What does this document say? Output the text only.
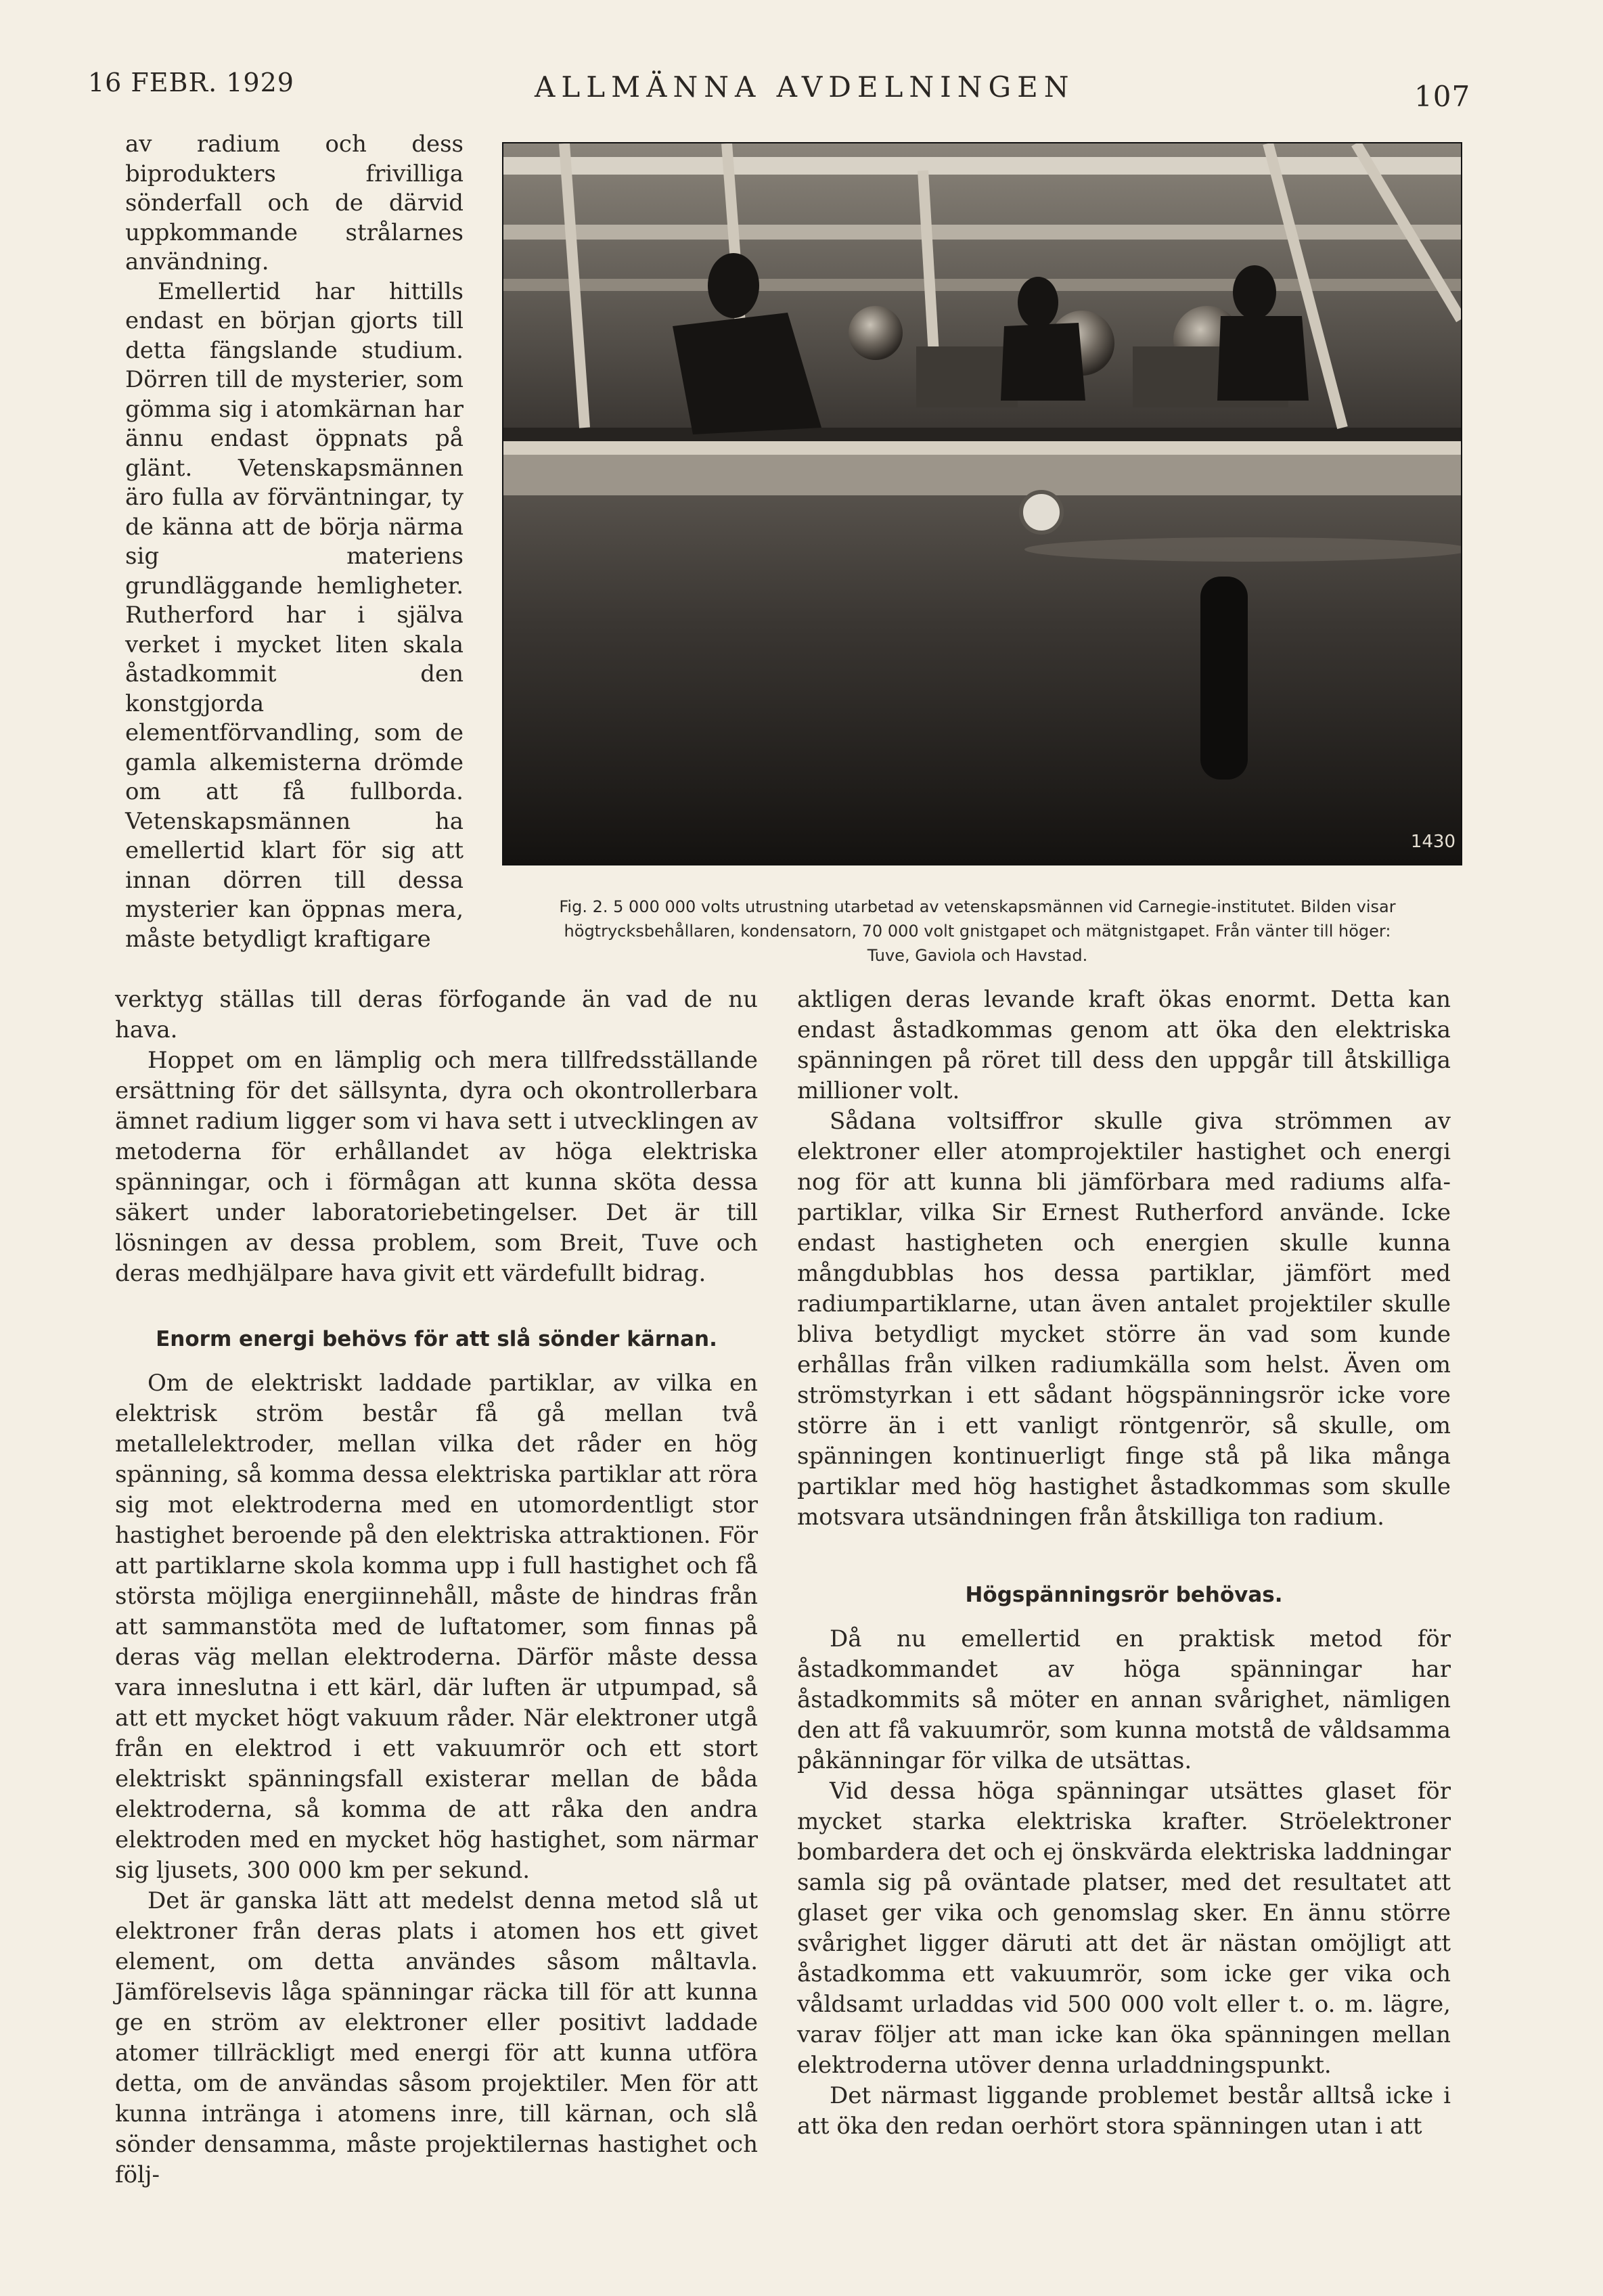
16 FEBR. 1929	ALLMÄNNA AVDELNINGEN	107

av radium och dess biprodukters frivilliga sönderfall och de därvid uppkommande strålarnes användning.

Emellertid har hittills endast en början gjorts till detta fängslande studium. Dörren till de mysterier, som gömma sig i atomkärnan har ännu endast öppnats på glänt. Vetenskapsmännen äro fulla av förväntningar, ty de känna att de börja närma sig materiens grundläggande hemligheter. Rutherford har i själva verket i mycket liten skala åstadkommit den konstgjorda elementförvandling, som de gamla alkemisterna drömde om att få fullborda. Vetenskapsmännen ha emellertid klart för sig att innan dörren till dessa mysterier kan öppnas mera, måste betydligt kraftigare

1430
Fig. 2. 5 000 000 volts utrustning utarbetad av vetenskapsmännen vid Carnegie-institutet. Bilden visar
högtrycksbehållaren, kondensatorn, 70 000 volt gnistgapet och mätgnistgapet. Från vänter till höger:
Tuve, Gaviola och Havstad.

verktyg ställas till deras förfogande än vad de nu hava.

Hoppet om en lämplig och mera tillfredsställande ersättning för det sällsynta, dyra och okontrollerbara ämnet radium ligger som vi hava sett i utvecklingen av metoderna för erhållandet av höga elektriska spänningar, och i förmågan att kunna sköta dessa säkert under laboratoriebetingelser. Det är till lösningen av dessa problem, som Breit, Tuve och deras medhjälpare hava givit ett värdefullt bidrag.

Enorm energi behövs för att slå sönder kärnan.

Om de elektriskt laddade partiklar, av vilka en elektrisk ström består få gå mellan två metallelektroder, mellan vilka det råder en hög spänning, så komma dessa elektriska partiklar att röra sig mot elektroderna med en utomordentligt stor hastighet beroende på den elektriska attraktionen. För att partiklarne skola komma upp i full hastighet och få största möjliga energiinnehåll, måste de hindras från att sammanstöta med de luftatomer, som finnas på deras väg mellan elektroderna. Därför måste dessa vara inneslutna i ett kärl, där luften är utpumpad, så att ett mycket högt vakuum råder. När elektroner utgå från en elektrod i ett vakuumrör och ett stort elektriskt spänningsfall existerar mellan de båda elektroderna, så komma de att råka den andra elektroden med en mycket hög hastighet, som närmar sig ljusets, 300 000 km per sekund.

Det är ganska lätt att medelst denna metod slå ut elektroner från deras plats i atomen hos ett givet element, om detta användes såsom måltavla. Jämförelsevis låga spänningar räcka till för att kunna ge en ström av elektroner eller positivt laddade atomer tillräckligt med energi för att kunna utföra detta, om de användas såsom projektiler. Men för att kunna intränga i atomens inre, till kärnan, och slå sönder densamma, måste projektilernas hastighet och följ-

aktligen deras levande kraft ökas enormt. Detta kan endast åstadkommas genom att öka den elektriska spänningen på röret till dess den uppgår till åtskilliga millioner volt.

Sådana voltsiffror skulle giva strömmen av elektroner eller atomprojektiler hastighet och energi nog för att kunna bli jämförbara med radiums alfa-partiklar, vilka Sir Ernest Rutherford använde. Icke endast hastigheten och energien skulle kunna mångdubblas hos dessa partiklar, jämfört med radiumpartiklarne, utan även antalet projektiler skulle bliva betydligt mycket större än vad som kunde erhållas från vilken radiumkälla som helst. Även om strömstyrkan i ett sådant högspänningsrör icke vore större än i ett vanligt röntgenrör, så skulle, om spänningen kontinuerligt finge stå på lika många partiklar med hög hastighet åstadkommas som skulle motsvara utsändningen från åtskilliga ton radium.

Högspänningsrör behövas.

Då nu emellertid en praktisk metod för åstadkommandet av höga spänningar har åstadkommits så möter en annan svårighet, nämligen den att få vakuumrör, som kunna motstå de våldsamma påkänningar för vilka de utsättas.

Vid dessa höga spänningar utsättes glaset för mycket starka elektriska krafter. Ströelektroner bombardera det och ej önskvärda elektriska laddningar samla sig på oväntade platser, med det resultatet att glaset ger vika och genomslag sker. En ännu större svårighet ligger däruti att det är nästan omöjligt att åstadkomma ett vakuumrör, som icke ger vika och våldsamt urladdas vid 500 000 volt eller t. o. m. lägre, varav följer att man icke kan öka spänningen mellan elektroderna utöver denna urladdningspunkt.

Det närmast liggande problemet består alltså icke i att öka den redan oerhört stora spänningen utan i att
